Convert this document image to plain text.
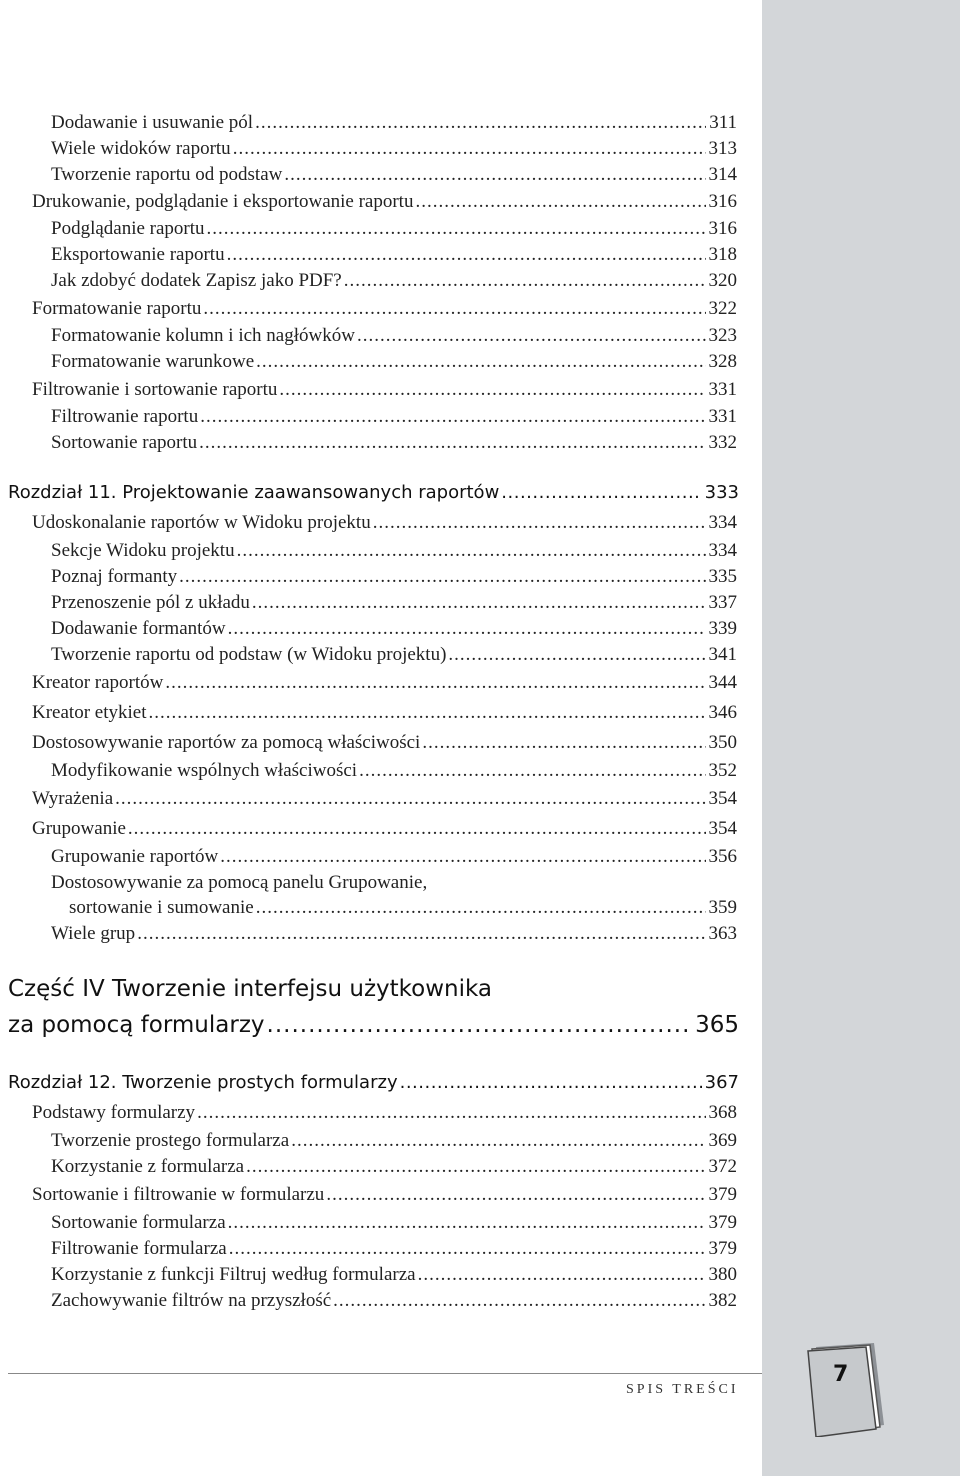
Dodawanie i usuwanie pól .....	311
Wiele widoków raportu .....	313
Tworzenie raportu od podstaw .....	314
Drukowanie, podglądanie i eksportowanie raportu .....	316
Podglądanie raportu .....	316
Eksportowanie raportu .....	318
Jak zdobyć dodatek Zapisz jako PDF? .....	320
Formatowanie raportu .....	322
Formatowanie kolumn i ich nagłówków .....	323
Formatowanie warunkowe .....	328
Filtrowanie i sortowanie raportu .....	331
Filtrowanie raportu .....	331
Sortowanie raportu .....	332
Rozdział 11. Projektowanie zaawansowanych raportów .....	333
Udoskonalanie raportów w Widoku projektu .....	334
Sekcje Widoku projektu .....	334
Poznaj formanty .....	335
Przenoszenie pól z układu .....	337
Dodawanie formantów .....	339
Tworzenie raportu od podstaw (w Widoku projektu) .....	341
Kreator raportów .....	344
Kreator etykiet .....	346
Dostosowywanie raportów za pomocą właściwości .....	350
Modyfikowanie wspólnych właściwości .....	352
Wyrażenia .....	354
Grupowanie .....	354
Grupowanie raportów .....	356
Dostosowywanie za pomocą panelu Grupowanie,
sortowanie i sumowanie .....	359
Wiele grup .....	363
Część IV Tworzenie interfejsu użytkownika
za pomocą formularzy .....	365
Rozdział 12. Tworzenie prostych formularzy .....	367
Podstawy formularzy .....	368
Tworzenie prostego formularza .....	369
Korzystanie z formularza .....	372
Sortowanie i filtrowanie w formularzu .....	379
Sortowanie formularza .....	379
Filtrowanie formularza .....	379
Korzystanie z funkcji Filtruj według formularza .....	380
Zachowywanie filtrów na przyszłość .....	382
SPIS TREŚCI
7
